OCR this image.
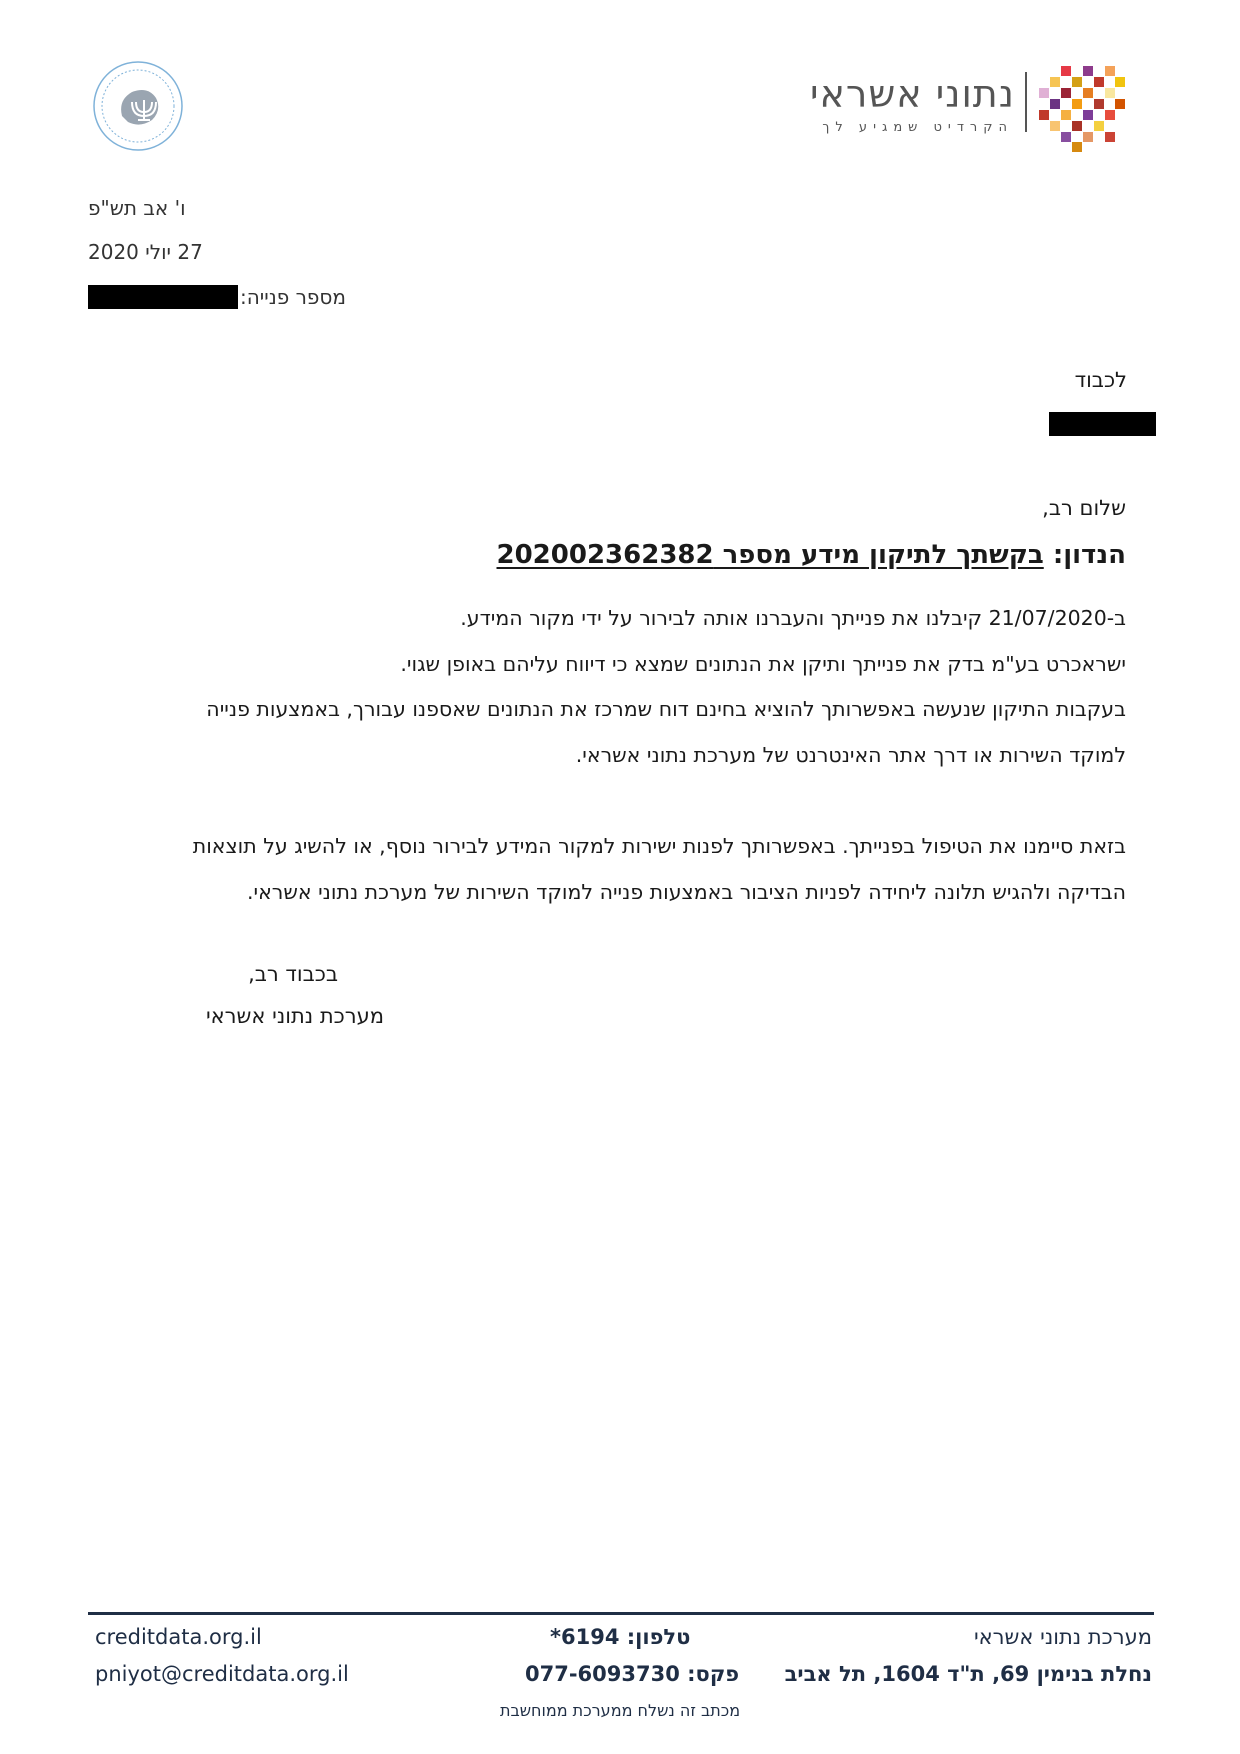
נתוני אשראי
הקרדיט שמגיע לך
ו' אב תש"פ
27 יולי 2020
מספר פנייה:
לכבוד
שלום רב,
הנדון: בקשתך לתיקון מידע מספר 202002362382
ב-21/07/2020 קיבלנו את פנייתך והעברנו אותה לבירור על ידי מקור המידע.
ישראכרט בע"מ בדק את פנייתך ותיקן את הנתונים שמצא כי דיווח עליהם באופן שגוי.
בעקבות התיקון שנעשה באפשרותך להוציא בחינם דוח שמרכז את הנתונים שאספנו עבורך, באמצעות פנייה
למוקד השירות או דרך אתר האינטרנט של מערכת נתוני אשראי.
בזאת סיימנו את הטיפול בפנייתך. באפשרותך לפנות ישירות למקור המידע לבירור נוסף, או להשיג על תוצאות
הבדיקה ולהגיש תלונה ליחידה לפניות הציבור באמצעות פנייה למוקד השירות של מערכת נתוני אשראי.
בכבוד רב,
מערכת נתוני אשראי
מערכת נתוני אשראי
נחלת בנימין 69, ת"ד 1604, תל אביב
טלפון: 6194*
פקס: 077-6093730
creditdata.org.il
pniyot@creditdata.org.il
מכתב זה נשלח ממערכת ממוחשבת
